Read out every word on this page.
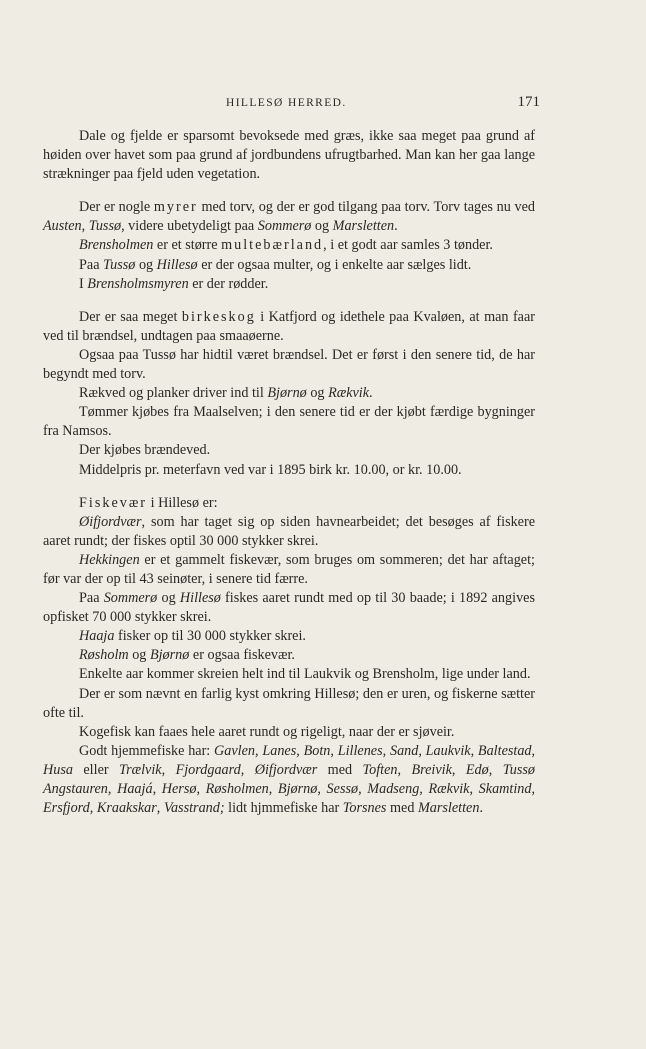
HILLESØ HERRED.	171

Dale og fjelde er sparsomt bevoksede med græs, ikke saa meget paa grund af høiden over havet som paa grund af jordbundens ufrugtbarhed. Man kan her gaa lange strækninger paa fjeld uden vegetation.

Der er nogle myrer med torv, og der er god tilgang paa torv. Torv tages nu ved Austen, Tussø, videre ubetydeligt paa Sommerø og Marsletten.

Brensholmen er et større multebærland, i et godt aar samles 3 tønder.

Paa Tussø og Hillesø er der ogsaa multer, og i enkelte aar sælges lidt.

I Brensholmsmyren er der rødder.

Der er saa meget birkeskog i Katfjord og idethele paa Kvaløen, at man faar ved til brændsel, undtagen paa smaaøerne.

Ogsaa paa Tussø har hidtil været brændsel. Det er først i den senere tid, de har begyndt med torv.

Rækved og planker driver ind til Bjørnø og Rækvik.

Tømmer kjøbes fra Maalselven; i den senere tid er der kjøbt færdige bygninger fra Namsos.

Der kjøbes brændeved.

Middelpris pr. meterfavn ved var i 1895 birk kr. 10.00, or kr. 10.00.

Fiskevær i Hillesø er:

Øifjordvær, som har taget sig op siden havnearbeidet; det besøges af fiskere aaret rundt; der fiskes optil 30 000 stykker skrei.

Hekkingen er et gammelt fiskevær, som bruges om sommeren; det har aftaget; før var der op til 43 seinøter, i senere tid færre.

Paa Sommerø og Hillesø fiskes aaret rundt med op til 30 baade; i 1892 angives opfisket 70 000 stykker skrei.

Haaja fisker op til 30 000 stykker skrei.

Røsholm og Bjørnø er ogsaa fiskevær.

Enkelte aar kommer skreien helt ind til Laukvik og Brensholm, lige under land.

Der er som nævnt en farlig kyst omkring Hillesø; den er uren, og fiskerne sætter ofte til.

Kogefisk kan faaes hele aaret rundt og rigeligt, naar der er sjøveir.

Godt hjemmefiske har: Gavlen, Lanes, Botn, Lillenes, Sand, Laukvik, Baltestad, Husa eller Trælvik, Fjordgaard, Øifjordvær med Toften, Breivik, Edø, Tussø Angstauren, Haajá, Hersø, Røsholmen, Bjørnø, Sessø, Madseng, Rækvik, Skamtind, Ersfjord, Kraakskar, Vasstrand; lidt hjmmefiske har Torsnes med Marsletten.
